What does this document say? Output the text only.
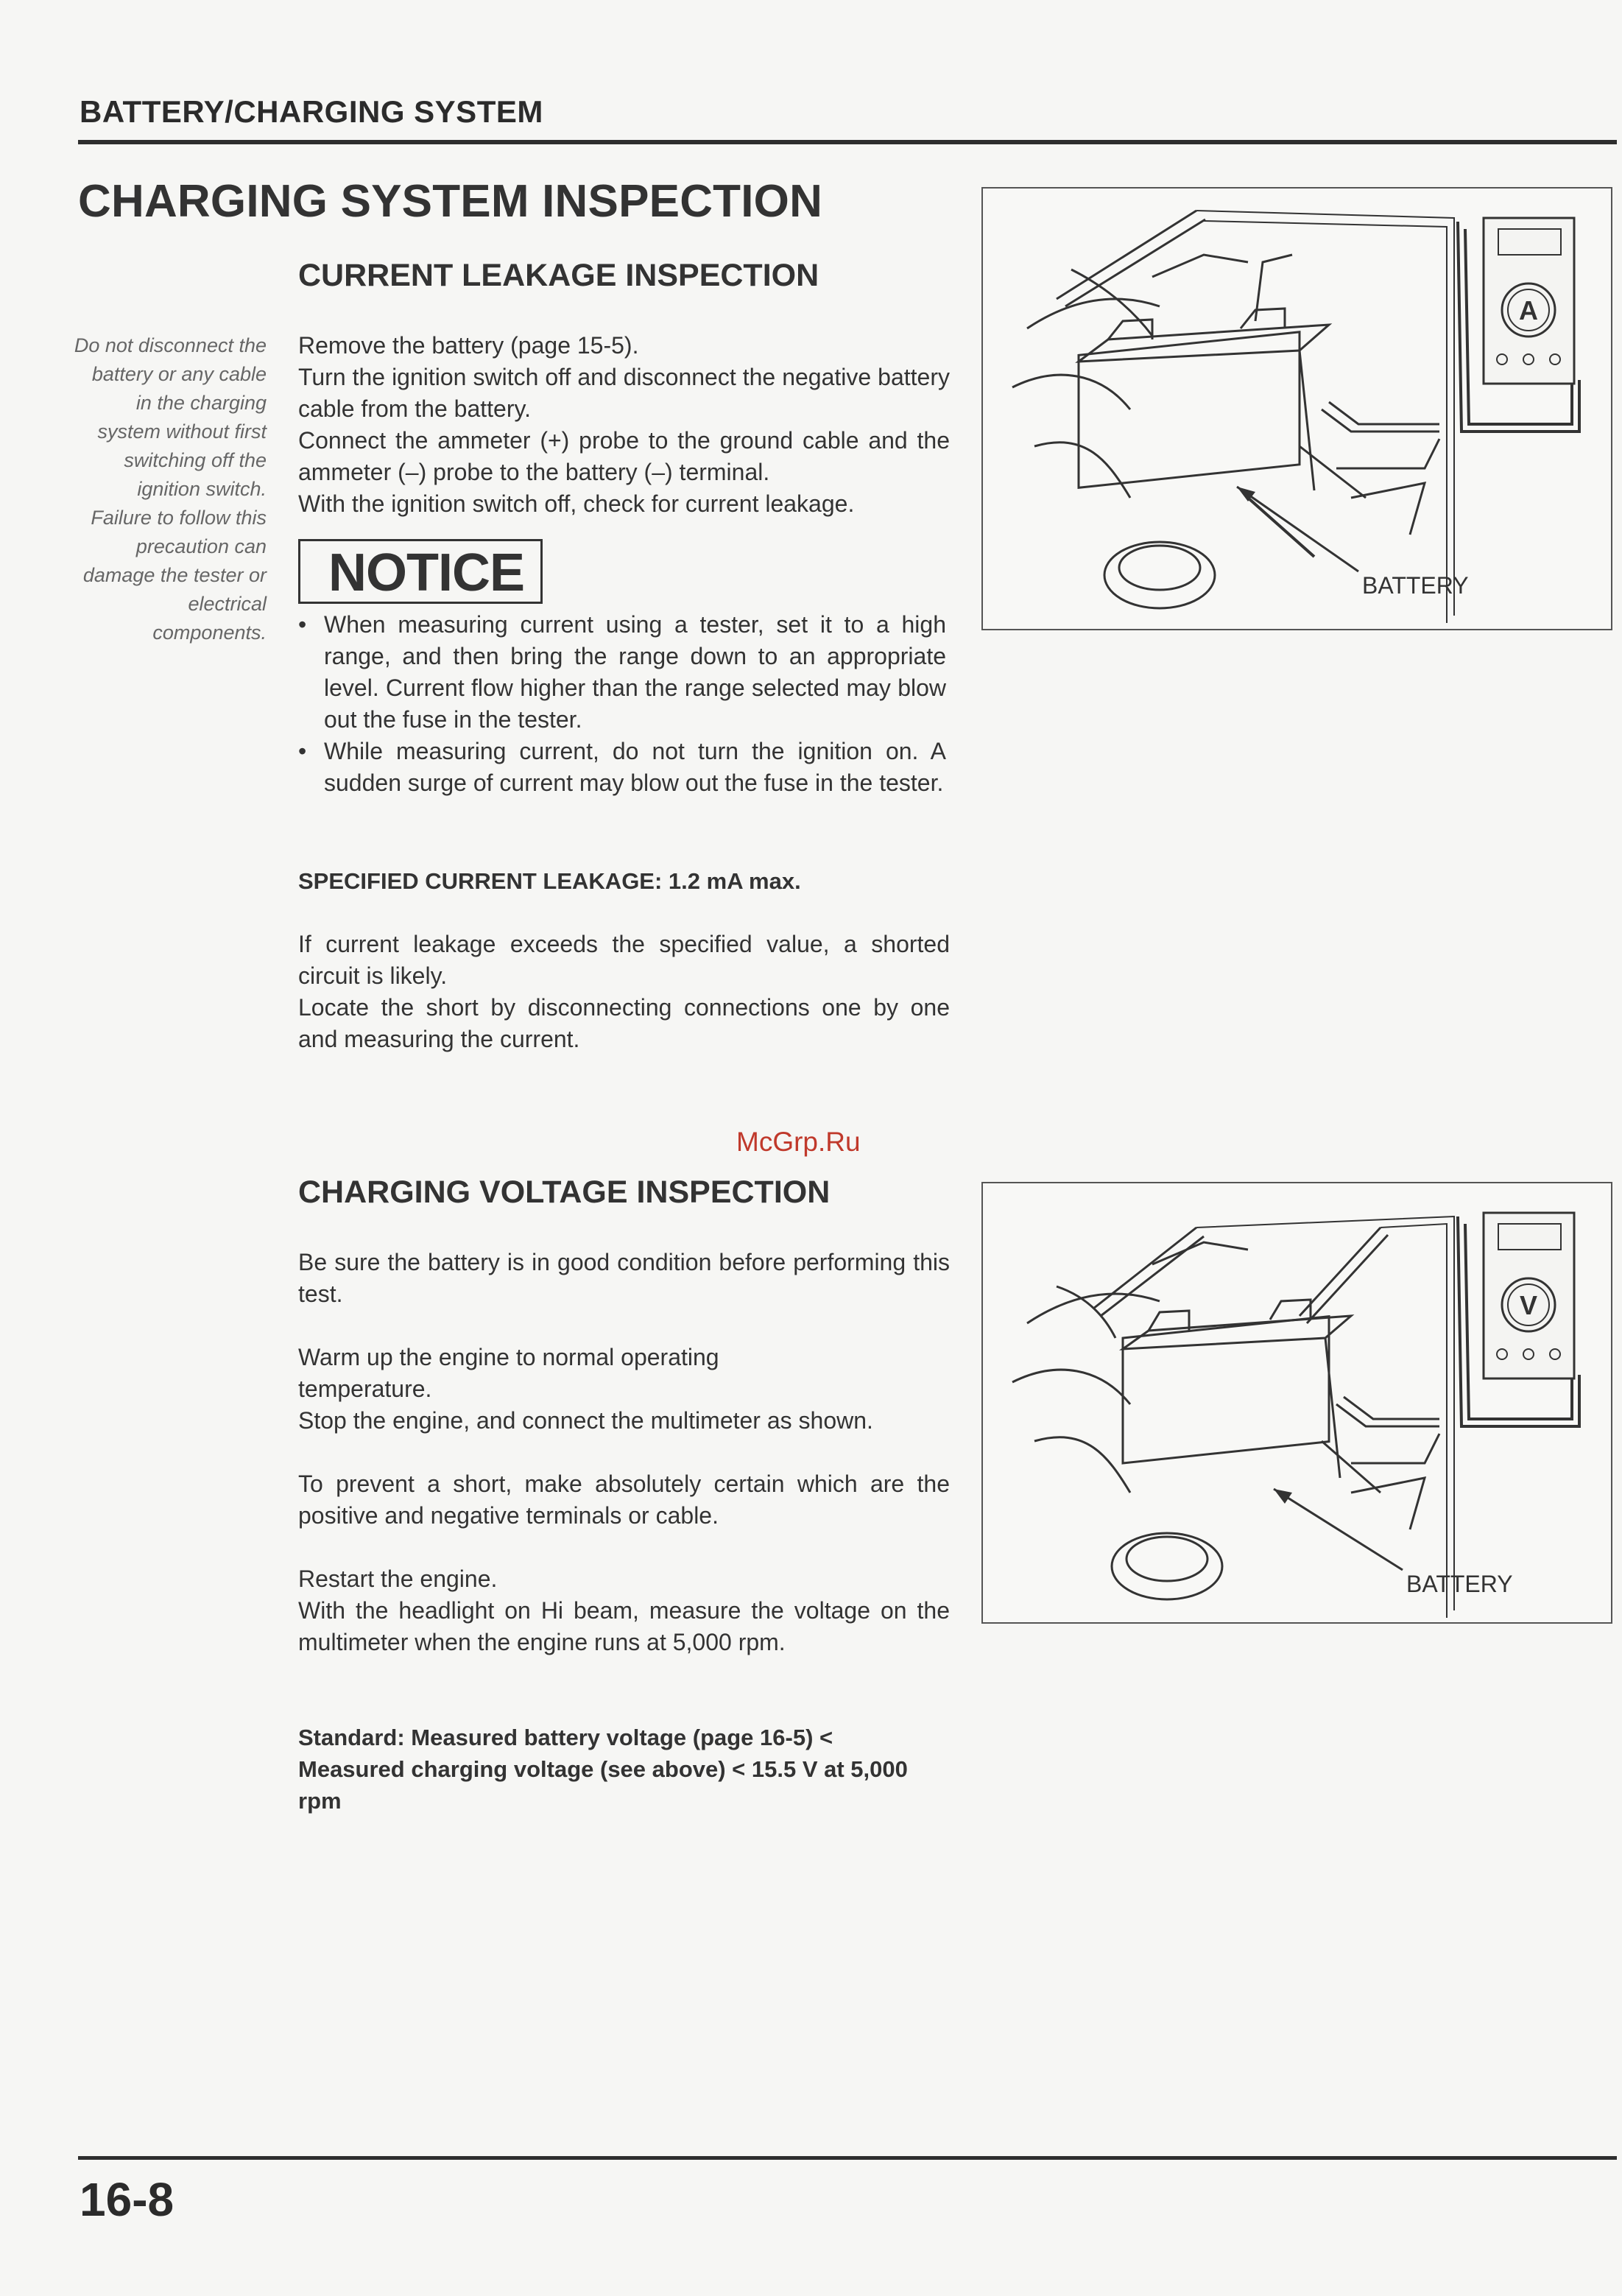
BATTERY/CHARGING SYSTEM
CHARGING SYSTEM INSPECTION
CURRENT LEAKAGE INSPECTION
Do not disconnect the battery or any cable in the charging system without first switching off the ignition switch. Failure to follow this precaution can damage the tester or electrical components.

Remove the battery (page 15-5).

Turn the ignition switch off and disconnect the negative battery cable from the battery.

Connect the ammeter (+) probe to the ground cable and the ammeter (–) probe to the battery (–) terminal.

With the ignition switch off, check for current leakage.

NOTICE
• When measuring current using a tester, set it to a high range, and then bring the range down to an appropriate level. Current flow higher than the range selected may blow out the fuse in the tester.
• While measuring current, do not turn the ignition on. A sudden surge of current may blow out the fuse in the tester.
SPECIFIED CURRENT LEAKAGE: 1.2 mA max.

If current leakage exceeds the specified value, a shorted circuit is likely.

Locate the short by disconnecting connections one by one and measuring the current.

A
BATTERY
McGrp.Ru
CHARGING VOLTAGE INSPECTION

Be sure the battery is in good condition before performing this test.

Warm up the engine to normal operating temperature.

Stop the engine, and connect the multimeter as shown.

To prevent a short, make absolutely certain which are the positive and negative terminals or cable.

Restart the engine.

With the headlight on Hi beam, measure the voltage on the multimeter when the engine runs at 5,000 rpm.

Standard: Measured battery voltage (page 16-5) < Measured charging voltage (see above) < 15.5 V at 5,000 rpm
V
BATTERY
16-8
